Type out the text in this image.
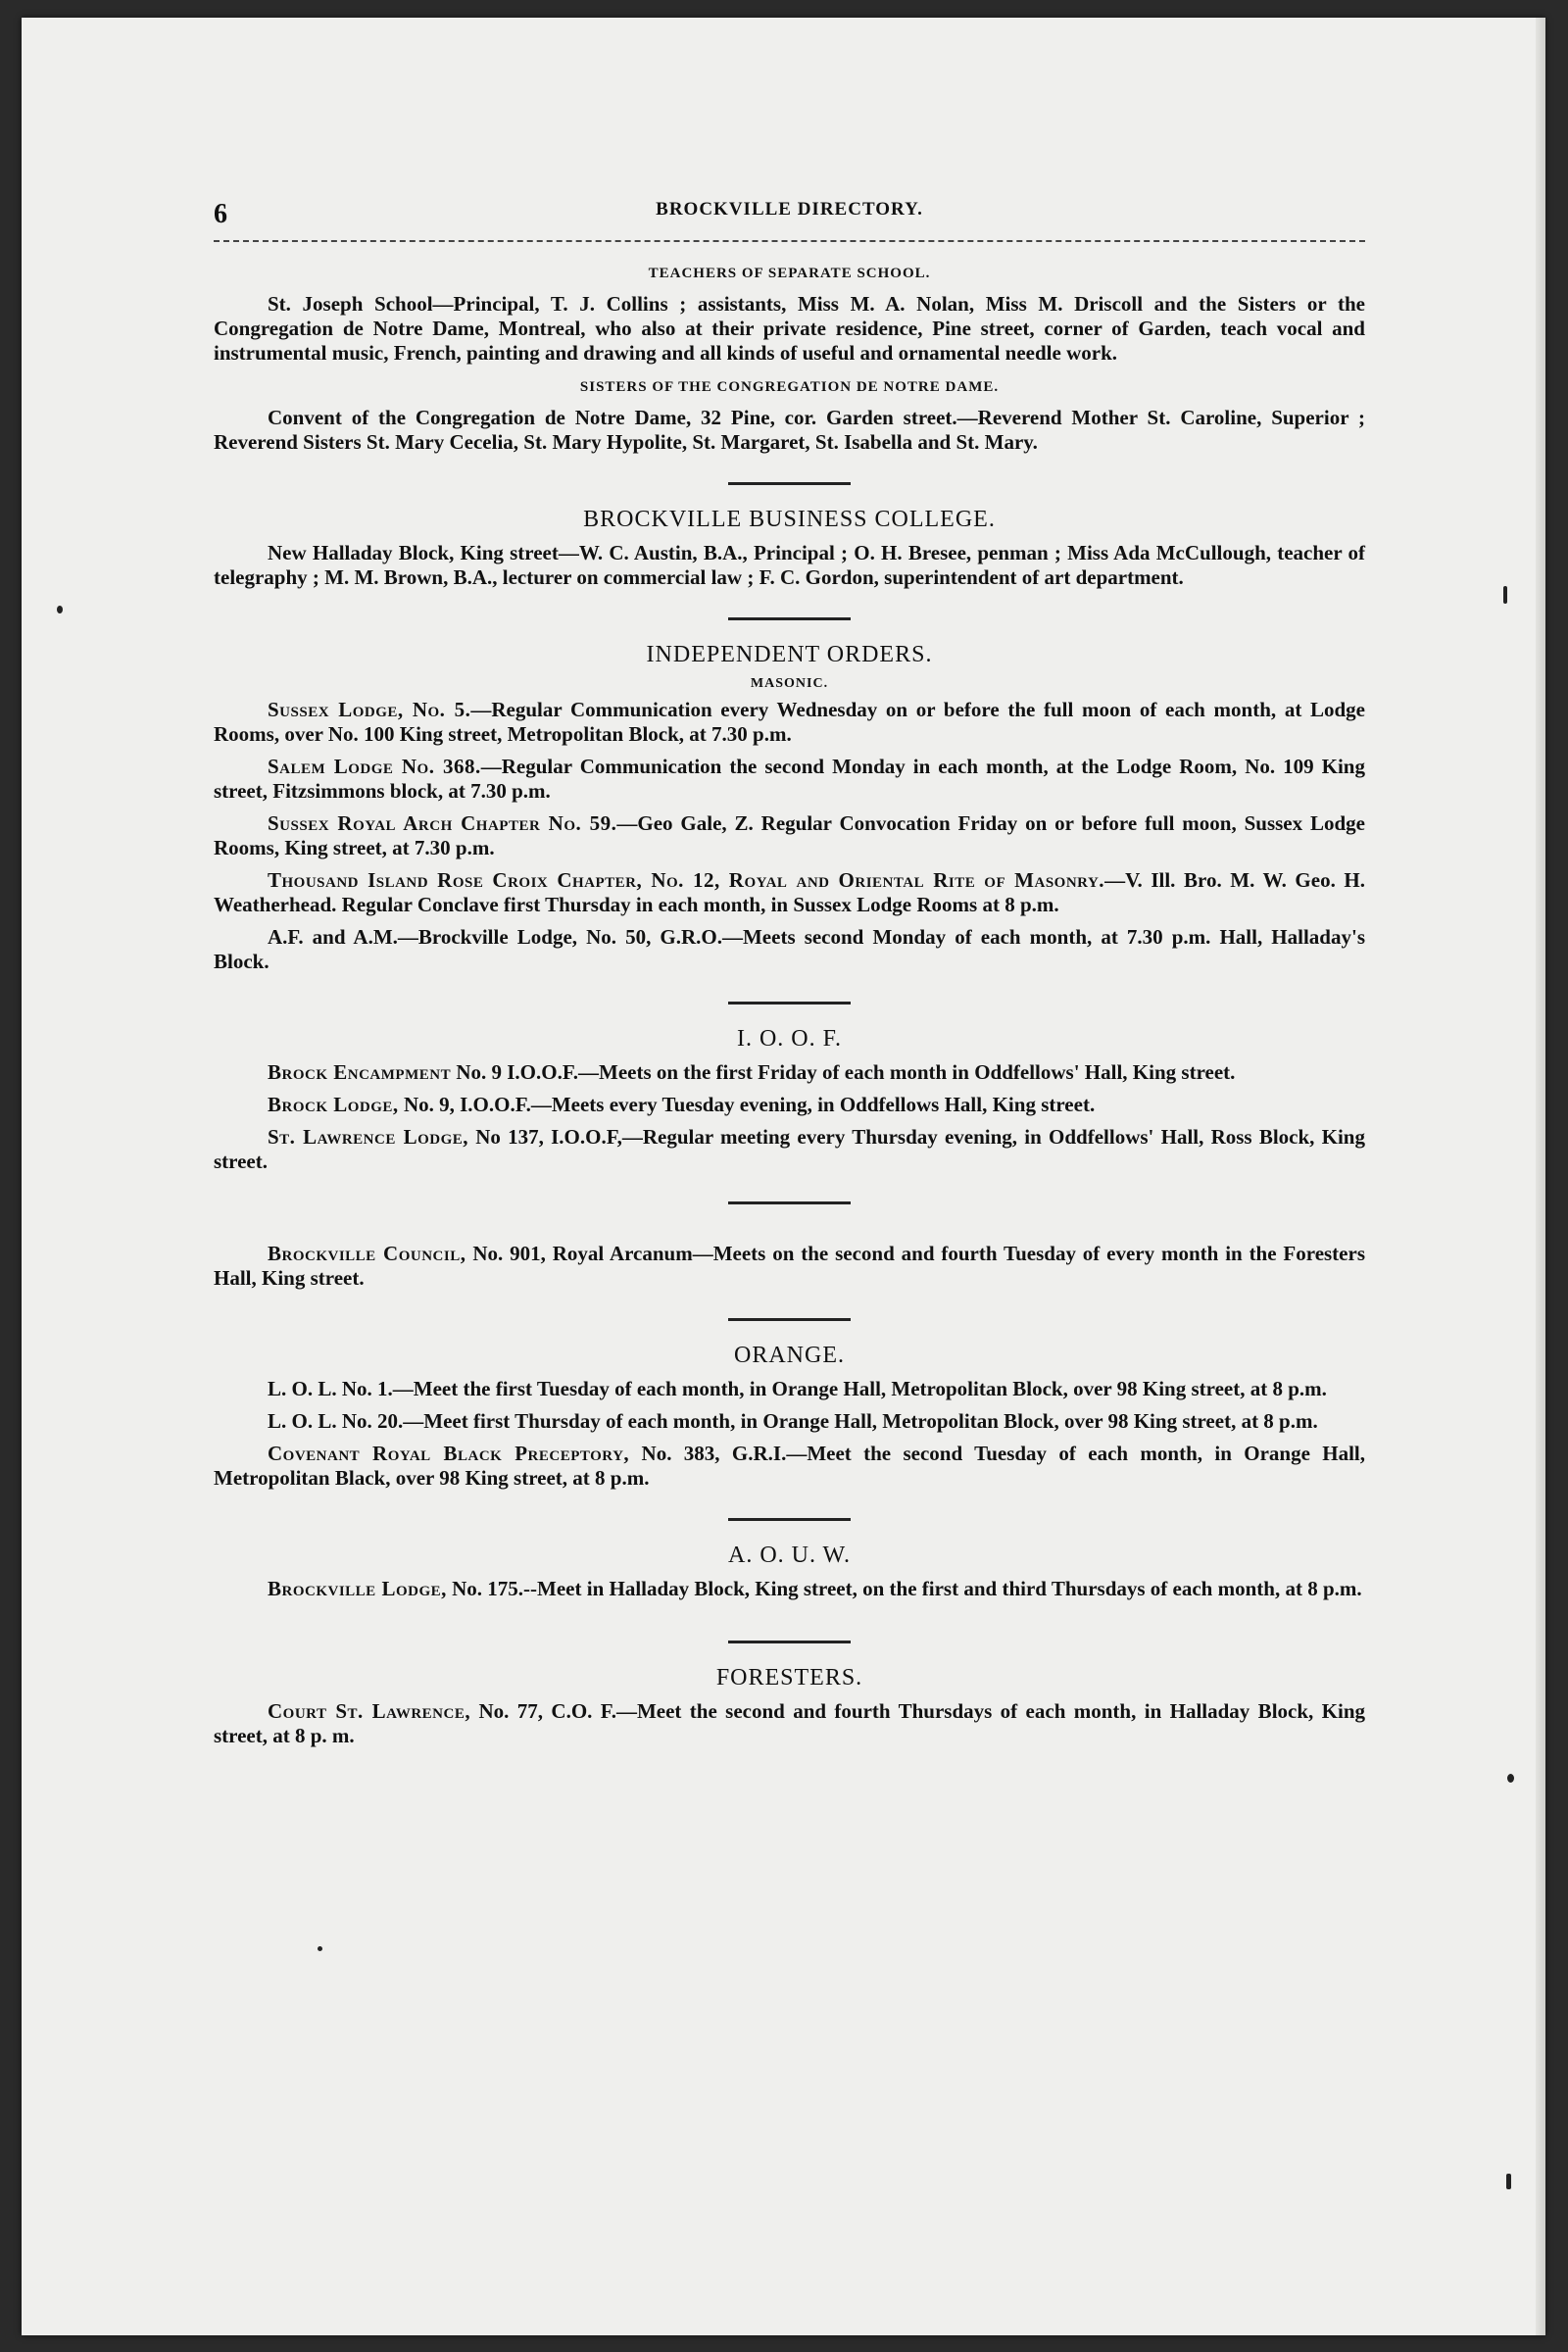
6	BROCKVILLE DIRECTORY.
TEACHERS OF SEPARATE SCHOOL.

St. Joseph School—Principal, T. J. Collins ; assistants, Miss M. A. Nolan, Miss M. Driscoll and the Sisters or the Congregation de Notre Dame, Montreal, who also at their private residence, Pine street, corner of Garden, teach vocal and instrumental music, French, painting and drawing and all kinds of useful and ornamental needle work.

SISTERS OF THE CONGREGATION DE NOTRE DAME.

Convent of the Congregation de Notre Dame, 32 Pine, cor. Garden street.—Reverend Mother St. Caroline, Superior ; Reverend Sisters St. Mary Cecelia, St. Mary Hypolite, St. Margaret, St. Isabella and St. Mary.

BROCKVILLE BUSINESS COLLEGE.

New Halladay Block, King street—W. C. Austin, B.A., Principal ; O. H. Bresee, penman ; Miss Ada McCullough, teacher of telegraphy ; M. M. Brown, B.A., lecturer on commercial law ; F. C. Gordon, superintendent of art department.

INDEPENDENT ORDERS.
MASONIC.

Sussex Lodge, No. 5.—Regular Communication every Wednesday on or before the full moon of each month, at Lodge Rooms, over No. 100 King street, Metropolitan Block, at 7.30 p.m.

Salem Lodge No. 368.—Regular Communication the second Monday in each month, at the Lodge Room, No. 109 King street, Fitzsimmons block, at 7.30 p.m.

Sussex Royal Arch Chapter No. 59.—Geo Gale, Z. Regular Convocation Friday on or before full moon, Sussex Lodge Rooms, King street, at 7.30 p.m.

Thousand Island Rose Croix Chapter, No. 12, Royal and Oriental Rite of Masonry.—V. Ill. Bro. M. W. Geo. H. Weatherhead. Regular Conclave first Thursday in each month, in Sussex Lodge Rooms at 8 p.m.

A.F. and A.M.—Brockville Lodge, No. 50, G.R.O.—Meets second Monday of each month, at 7.30 p.m. Hall, Halladay's Block.

I. O. O. F.

Brock Encampment No. 9 I.O.O.F.—Meets on the first Friday of each month in Oddfellows' Hall, King street.

Brock Lodge, No. 9, I.O.O.F.—Meets every Tuesday evening, in Oddfellows Hall, King street.

St. Lawrence Lodge, No 137, I.O.O.F,—Regular meeting every Thursday evening, in Oddfellows' Hall, Ross Block, King street.

Brockville Council, No. 901, Royal Arcanum—Meets on the second and fourth Tuesday of every month in the Foresters Hall, King street.

ORANGE.

L. O. L. No. 1.—Meet the first Tuesday of each month, in Orange Hall, Metropolitan Block, over 98 King street, at 8 p.m.

L. O. L. No. 20.—Meet first Thursday of each month, in Orange Hall, Metropolitan Block, over 98 King street, at 8 p.m.

Covenant Royal Black Preceptory, No. 383, G.R.I.—Meet the second Tuesday of each month, in Orange Hall, Metropolitan Black, over 98 King street, at 8 p.m.

A. O. U. W.

Brockville Lodge, No. 175.--Meet in Halladay Block, King street, on the first and third Thursdays of each month, at 8 p.m.

FORESTERS.

Court St. Lawrence, No. 77, C.O. F.—Meet the second and fourth Thursdays of each month, in Halladay Block, King street, at 8 p. m.
